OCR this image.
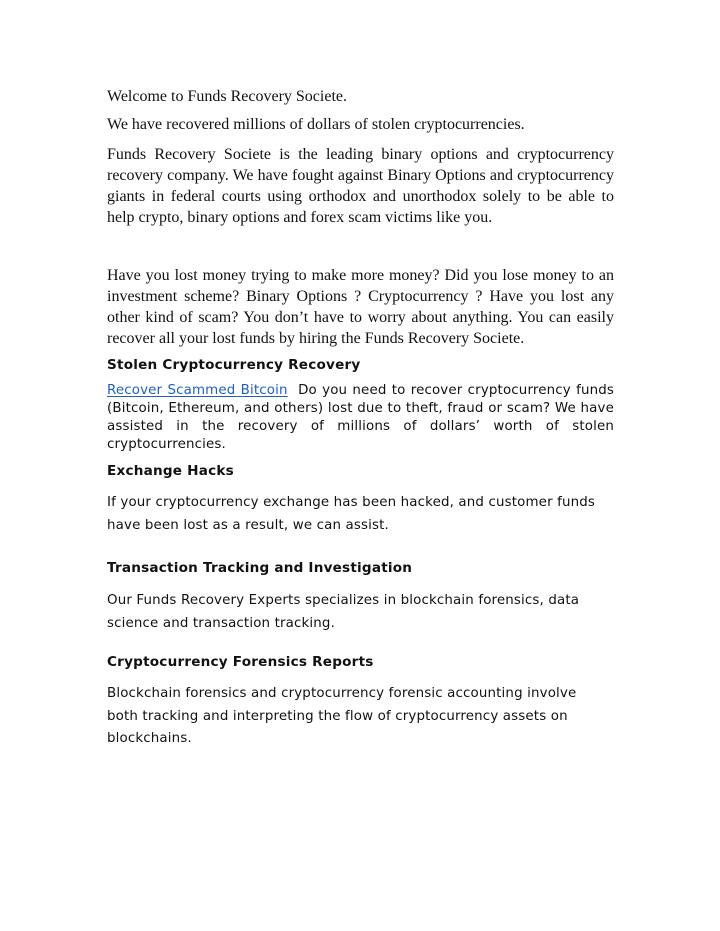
Welcome to Funds Recovery Societe.

We have recovered millions of dollars of stolen cryptocurrencies.

Funds Recovery Societe is the leading binary options and cryptocurrency recovery company. We have fought against Binary Options and cryptocurrency giants in federal courts using orthodox and unorthodox solely to be able to help crypto, binary options and forex scam victims like you.

Have you lost money trying to make more money? Did you lose money to an investment scheme? Binary Options ? Cryptocurrency ? Have you lost any other kind of scam? You don’t have to worry about anything. You can easily recover all your lost funds by hiring the Funds Recovery Societe.

Stolen Cryptocurrency Recovery

Recover Scammed Bitcoin Do you need to recover cryptocurrency funds (Bitcoin, Ethereum, and others) lost due to theft, fraud or scam? We have assisted in the recovery of millions of dollars’ worth of stolen cryptocurrencies.

Exchange Hacks

If your cryptocurrency exchange has been hacked, and customer funds have been lost as a result, we can assist.

Transaction Tracking and Investigation

Our Funds Recovery Experts specializes in blockchain forensics, data science and transaction tracking.

Cryptocurrency Forensics Reports

Blockchain forensics and cryptocurrency forensic accounting involve both tracking and interpreting the flow of cryptocurrency assets on blockchains.
